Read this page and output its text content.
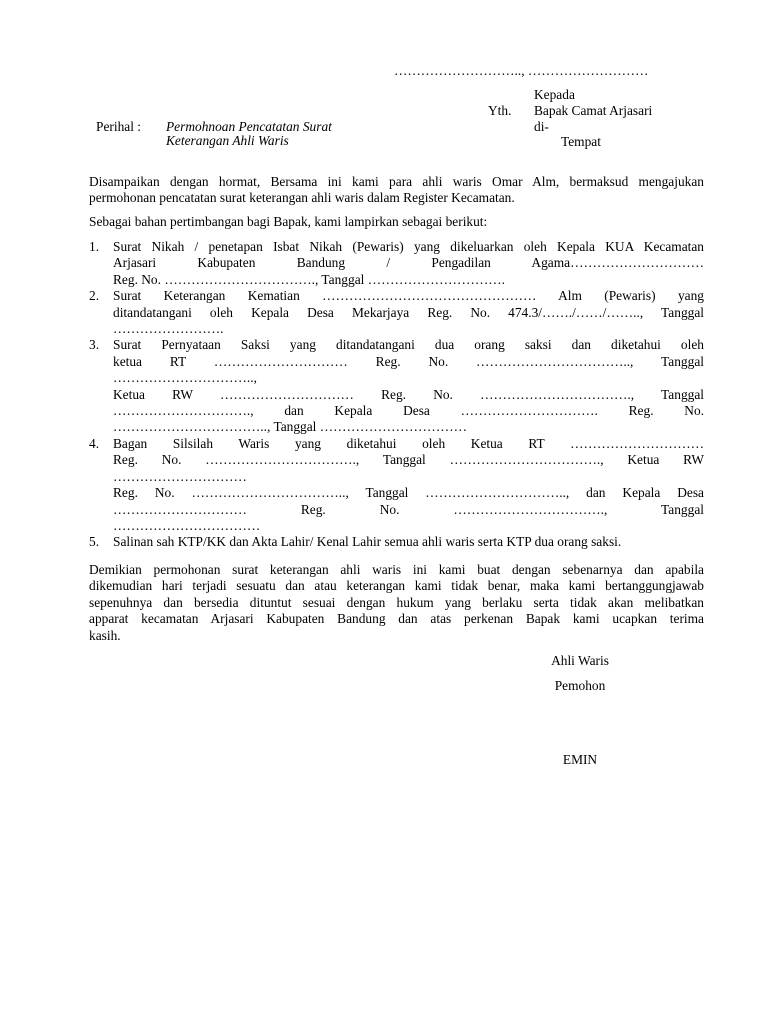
……………………….., ………………………
Kepada
Yth. Bapak Camat Arjasari
di-
Tempat
Perihal : Permohnoan Pencatatan Surat
Keterangan Ahli Waris
Disampaikan dengan hormat, Bersama ini kami para ahli waris Omar Alm, bermaksud mengajukan
permohonan pencatatan surat keterangan ahli waris dalam Register Kecamatan.
Sebagai bahan pertimbangan bagi Bapak, kami lampirkan sebagai berikut:
1. Surat Nikah / penetapan Isbat Nikah (Pewaris) yang dikeluarkan oleh Kepala KUA Kecamatan
Arjasari Kabupaten Bandung / Pengadilan Agama…………………………
Reg. No. ……………………………., Tanggal ………………………….
2. Surat Keterangan Kematian ………………………………………… Alm (Pewaris) yang
ditandatangani oleh Kepala Desa Mekarjaya Reg. No. 474.3/……./……/…….., Tanggal
…………………….
3. Surat Pernyataan Saksi yang ditandatangani dua orang saksi dan diketahui oleh
ketua RT ………………………… Reg. No. …………………………….., Tanggal
…………………………..,
Ketua RW ………………………… Reg. No. ……………………………., Tanggal
…………………………., dan Kepala Desa …………………………. Reg. No.
…………………………….., Tanggal ……………………………
4. Bagan Silsilah Waris yang diketahui oleh Ketua RT …………………………
Reg. No. ……………………………., Tanggal ……………………………., Ketua RW
…………………………
Reg. No. …………………………….., Tanggal ………………………….., dan Kepala Desa
………………………… Reg. No. ……………………………., Tanggal
……………………………
5. Salinan sah KTP/KK dan Akta Lahir/ Kenal Lahir semua ahli waris serta KTP dua orang saksi.
Demikian permohonan surat keterangan ahli waris ini kami buat dengan sebenarnya dan apabila
dikemudian hari terjadi sesuatu dan atau keterangan kami tidak benar, maka kami bertanggungjawab
sepenuhnya dan bersedia dituntut sesuai dengan hukum yang berlaku serta tidak akan melibatkan
apparat kecamatan Arjasari Kabupaten Bandung dan atas perkenan Bapak kami ucapkan terima
kasih.
Ahli Waris
Pemohon
EMIN
